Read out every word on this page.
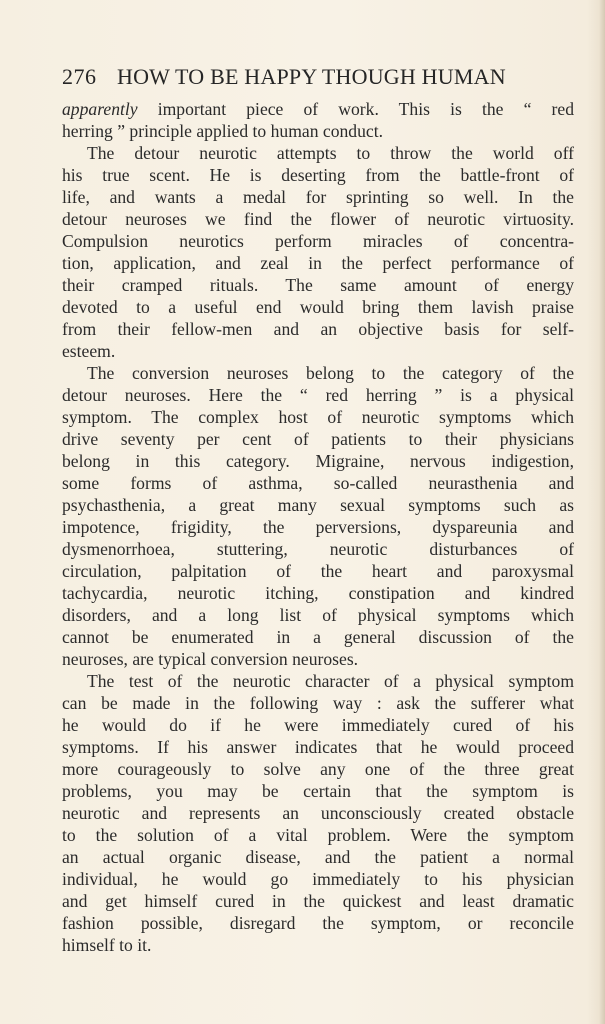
276 HOW TO BE HAPPY THOUGH HUMAN
apparently important piece of work. This is the “ red
herring ” principle applied to human conduct.
The detour neurotic attempts to throw the world off
his true scent. He is deserting from the battle-front of
life, and wants a medal for sprinting so well. In the
detour neuroses we find the flower of neurotic virtuosity.
Compulsion neurotics perform miracles of concentra-
tion, application, and zeal in the perfect performance of
their cramped rituals. The same amount of energy
devoted to a useful end would bring them lavish praise
from their fellow-men and an objective basis for self-
esteem.
The conversion neuroses belong to the category of the
detour neuroses. Here the “ red herring ” is a physical
symptom. The complex host of neurotic symptoms which
drive seventy per cent of patients to their physicians
belong in this category. Migraine, nervous indigestion,
some forms of asthma, so-called neurasthenia and
psychasthenia, a great many sexual symptoms such as
impotence, frigidity, the perversions, dyspareunia and
dysmenorrhoea, stuttering, neurotic disturbances of
circulation, palpitation of the heart and paroxysmal
tachycardia, neurotic itching, constipation and kindred
disorders, and a long list of physical symptoms which
cannot be enumerated in a general discussion of the
neuroses, are typical conversion neuroses.
The test of the neurotic character of a physical symptom
can be made in the following way : ask the sufferer what
he would do if he were immediately cured of his
symptoms. If his answer indicates that he would proceed
more courageously to solve any one of the three great
problems, you may be certain that the symptom is
neurotic and represents an unconsciously created obstacle
to the solution of a vital problem. Were the symptom
an actual organic disease, and the patient a normal
individual, he would go immediately to his physician
and get himself cured in the quickest and least dramatic
fashion possible, disregard the symptom, or reconcile
himself to it.
